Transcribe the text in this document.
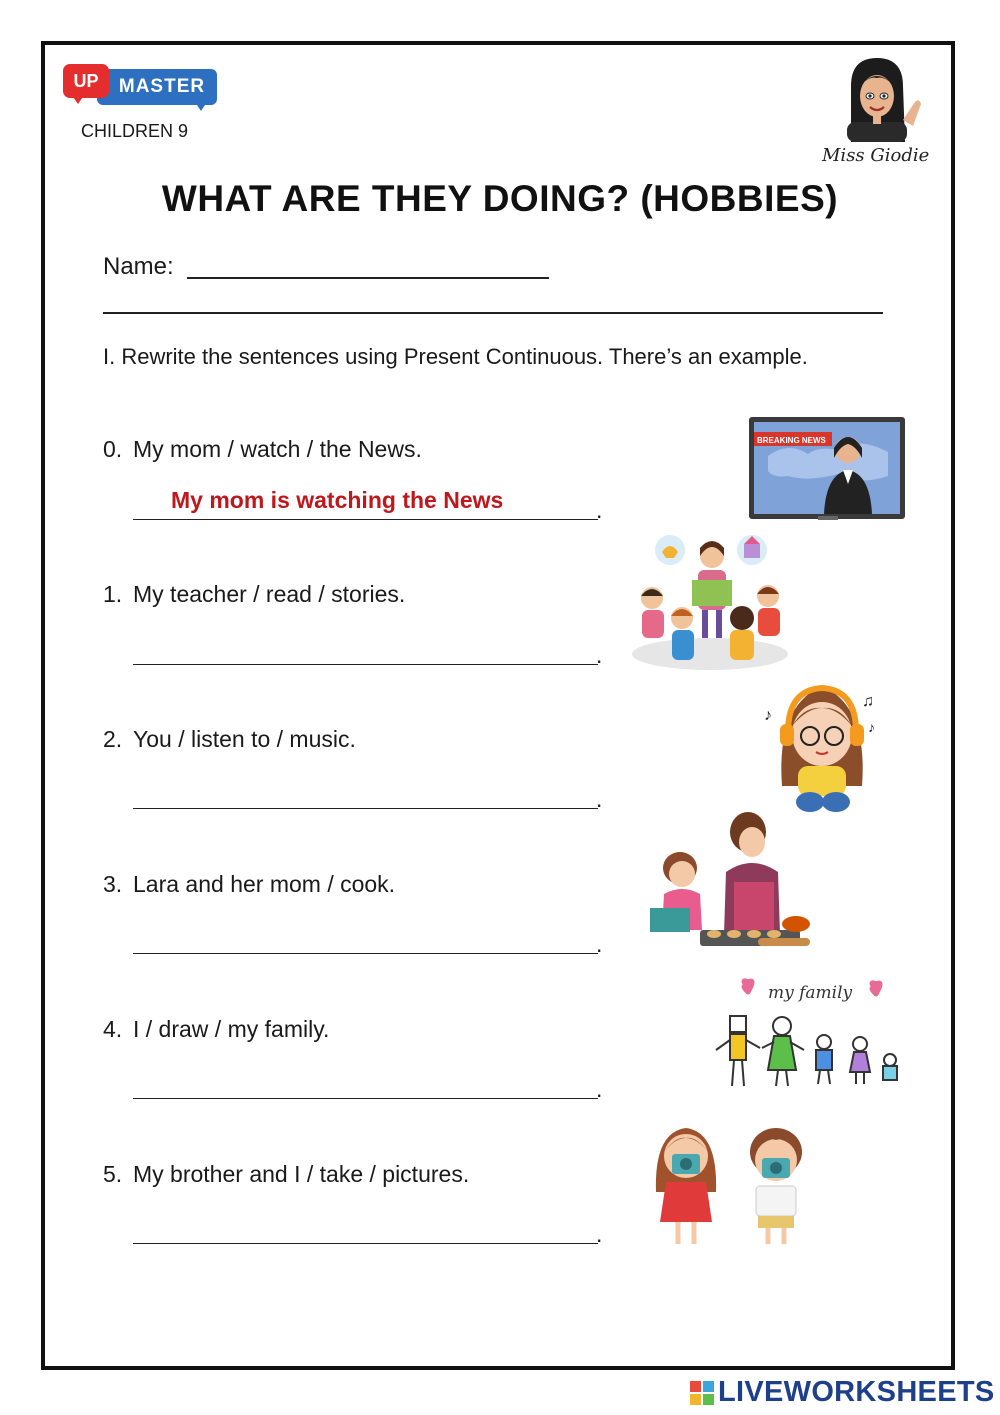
MASTER
UP
CHILDREN 9
Miss Giodie
WHAT ARE THEY DOING? (HOBBIES)
Name:
I. Rewrite the sentences using Present Continuous. There’s an example.
0. My mom / watch / the News.
My mom is watching the News	.
1. My teacher / read / stories.
.
2. You / listen to / music.
.
3. Lara and her mom / cook.
.
4. I / draw / my family.
.
5. My brother and I / take / pictures.
.
BREAKING NEWS
♪
♫
♪
my family
LIVEWORKSHEETS
